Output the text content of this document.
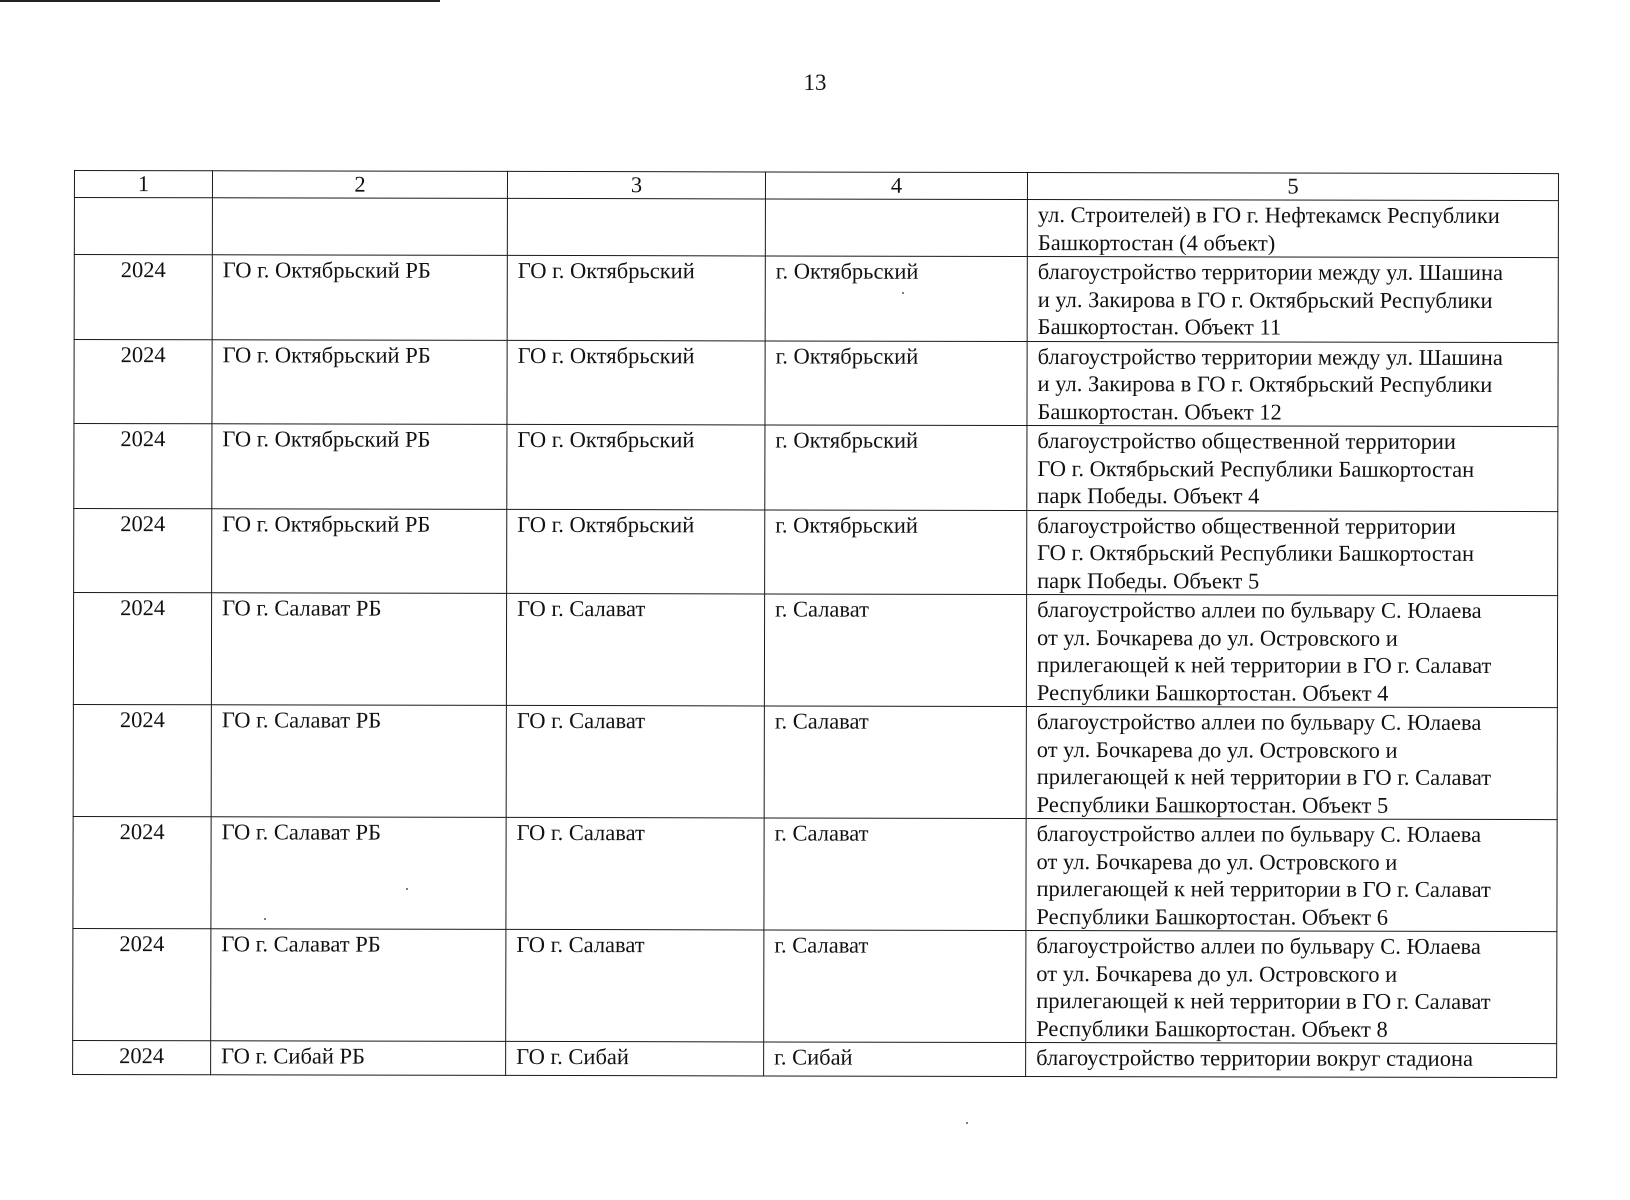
13
1	2	3	4	5

				ул. Строителей) в ГО г. Нефтекамск Республики
Башкортостан (4 объект)

2024	ГО г. Октябрьский РБ	ГО г. Октябрьский	г. Октябрьский	благоустройство территории между ул. Шашина
и ул. Закирова в ГО г. Октябрьский Республики
Башкортостан. Объект 11

2024	ГО г. Октябрьский РБ	ГО г. Октябрьский	г. Октябрьский	благоустройство территории между ул. Шашина
и ул. Закирова в ГО г. Октябрьский Республики
Башкортостан. Объект 12

2024	ГО г. Октябрьский РБ	ГО г. Октябрьский	г. Октябрьский	благоустройство общественной территории
ГО г. Октябрьский Республики Башкортостан
парк Победы. Объект 4

2024	ГО г. Октябрьский РБ	ГО г. Октябрьский	г. Октябрьский	благоустройство общественной территории
ГО г. Октябрьский Республики Башкортостан
парк Победы. Объект 5

2024	ГО г. Салават РБ	ГО г. Салават	г. Салават	благоустройство аллеи по бульвару С. Юлаева
от ул. Бочкарева до ул. Островского и
прилегающей к ней территории в ГО г. Салават
Республики Башкортостан. Объект 4

2024	ГО г. Салават РБ	ГО г. Салават	г. Салават	благоустройство аллеи по бульвару С. Юлаева
от ул. Бочкарева до ул. Островского и
прилегающей к ней территории в ГО г. Салават
Республики Башкортостан. Объект 5

2024	ГО г. Салават РБ	ГО г. Салават	г. Салават	благоустройство аллеи по бульвару С. Юлаева
от ул. Бочкарева до ул. Островского и
прилегающей к ней территории в ГО г. Салават
Республики Башкортостан. Объект 6

2024	ГО г. Салават РБ	ГО г. Салават	г. Салават	благоустройство аллеи по бульвару С. Юлаева
от ул. Бочкарева до ул. Островского и
прилегающей к ней территории в ГО г. Салават
Республики Башкортостан. Объект 8

2024	ГО г. Сибай РБ	ГО г. Сибай	г. Сибай	благоустройство территории вокруг стадиона
